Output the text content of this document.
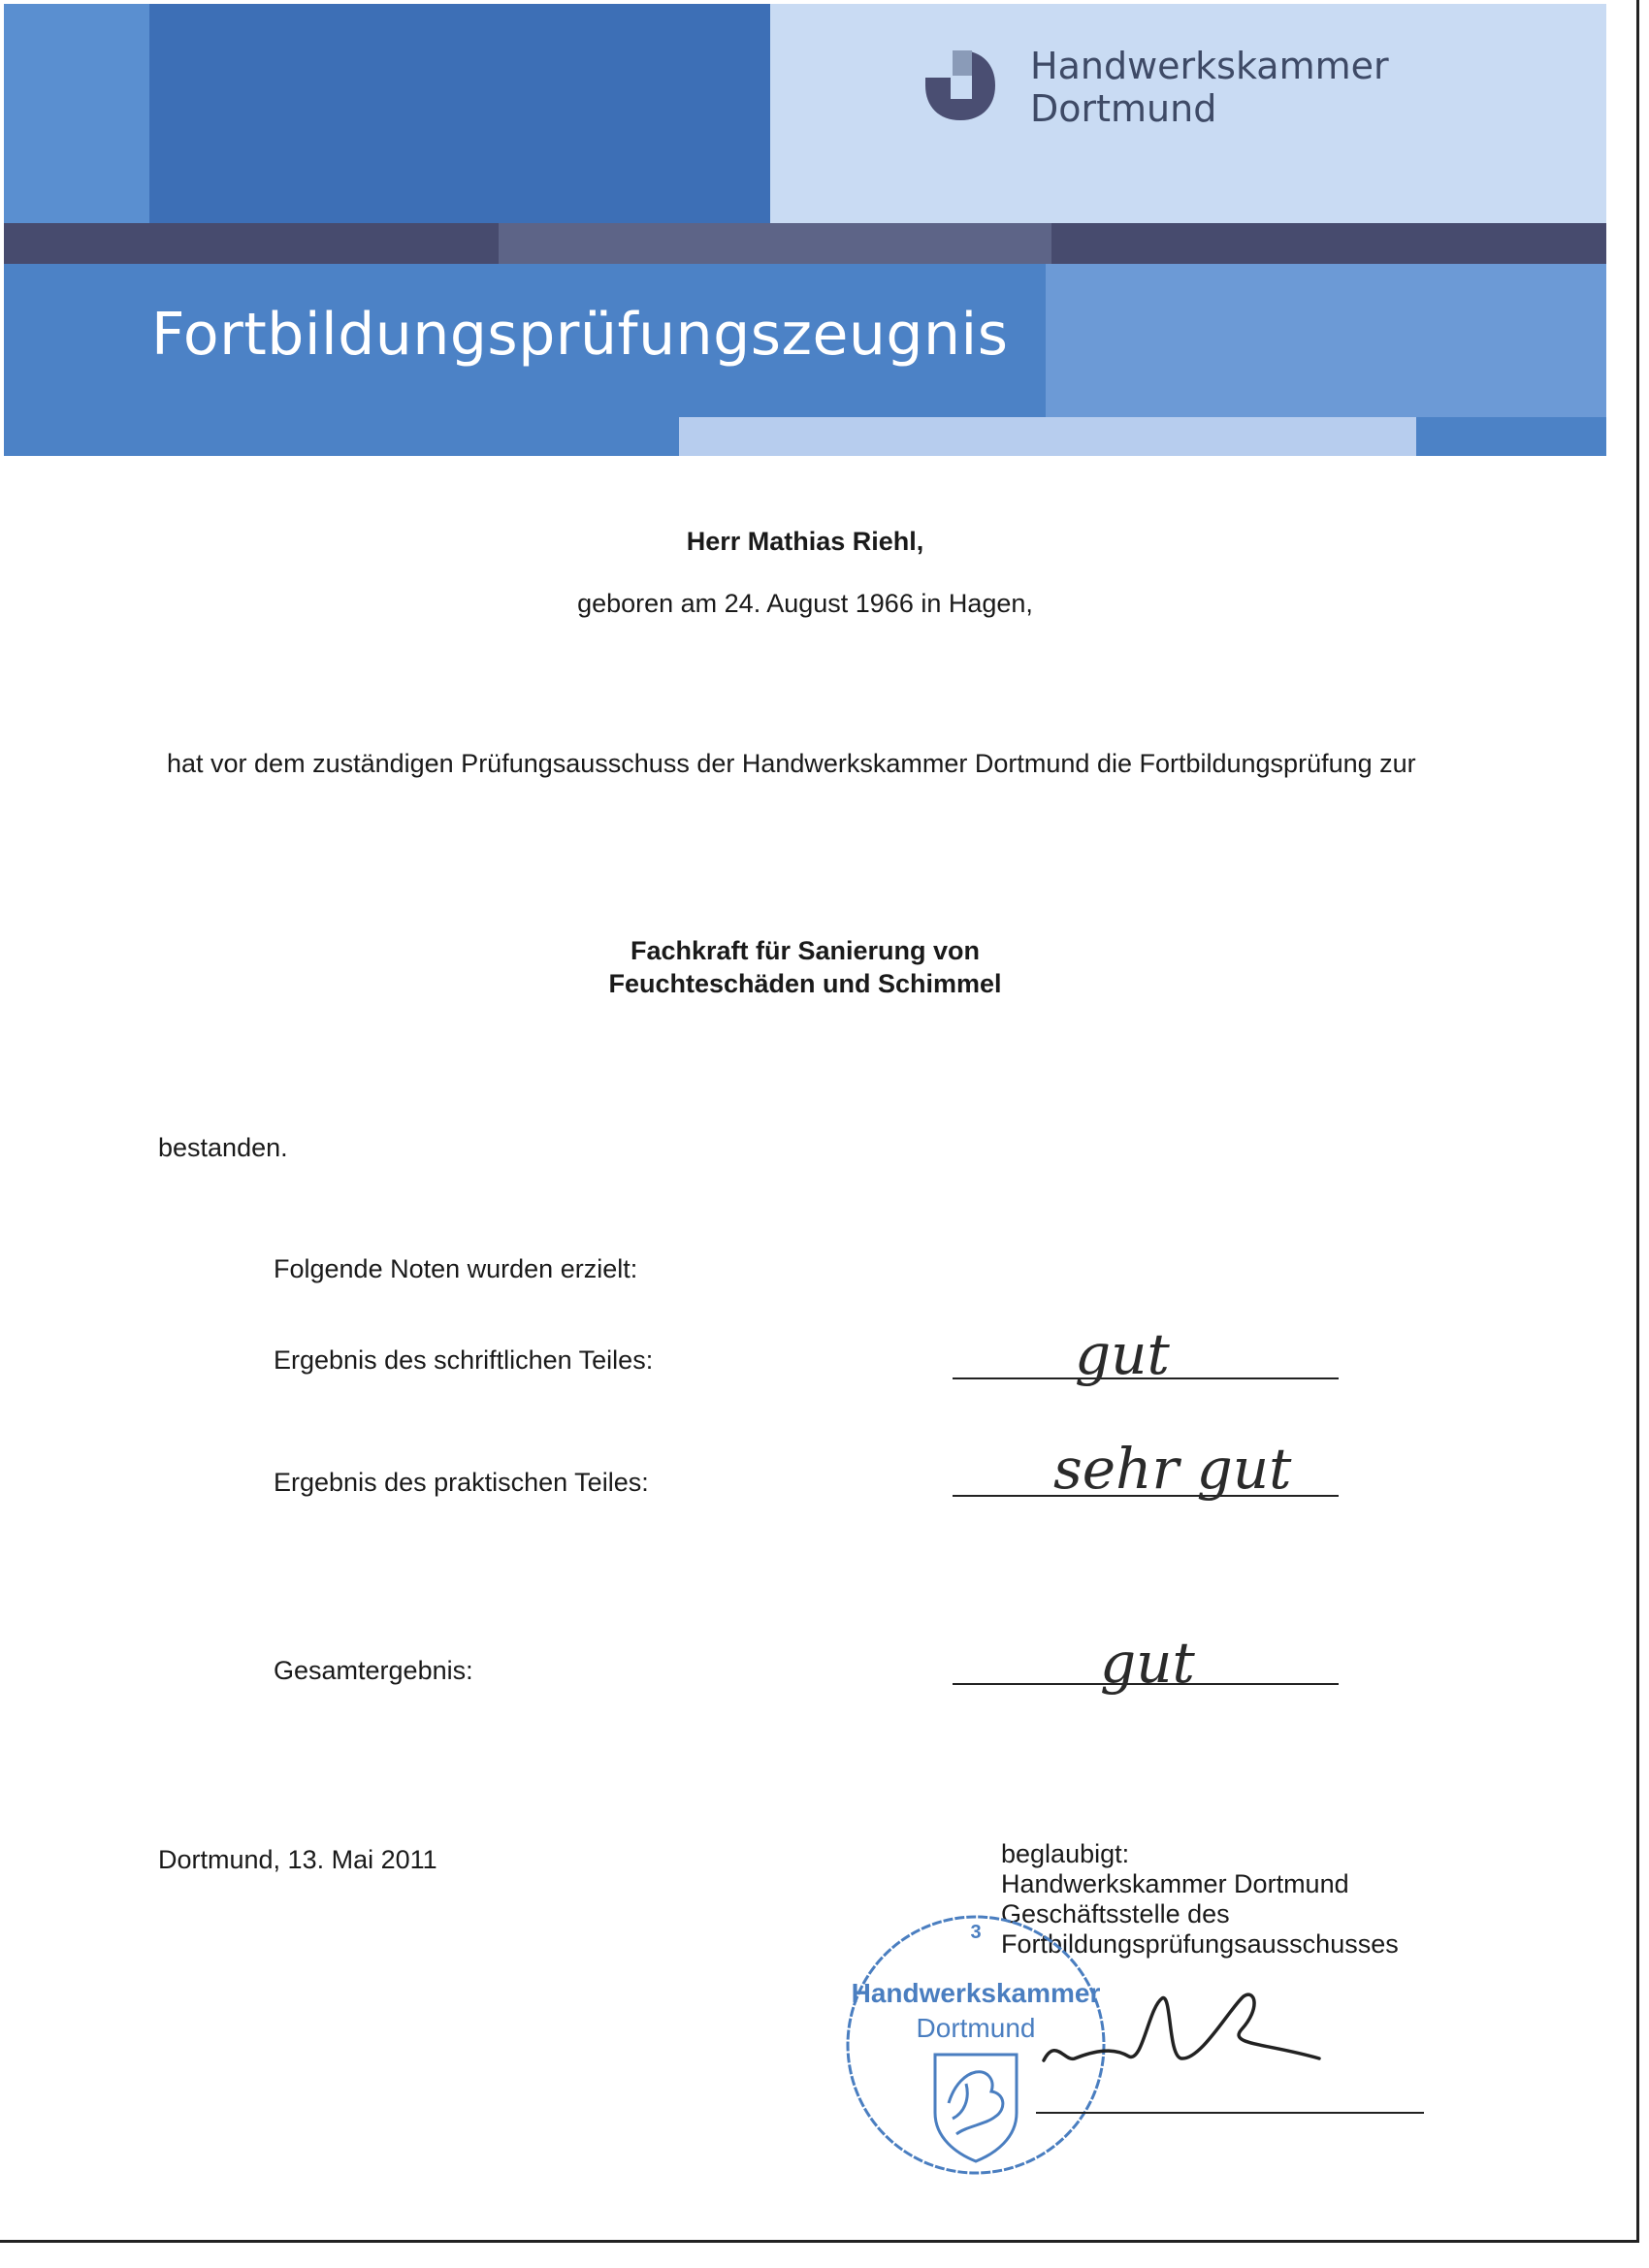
Handwerkskammer
Dortmund
Fortbildungsprüfungszeugnis
Herr Mathias Riehl,
geboren am 24. August 1966 in Hagen,
hat vor dem zuständigen Prüfungsausschuss der Handwerkskammer Dortmund die Fortbildungsprüfung zur
Fachkraft für Sanierung von
Feuchteschäden und Schimmel
bestanden.
Folgende Noten wurden erzielt:
Ergebnis des schriftlichen Teiles:	gut
Ergebnis des praktischen Teiles:	sehr gut
Gesamtergebnis:	gut
Dortmund, 13. Mai 2011	beglaubigt:
Handwerkskammer Dortmund
Geschäftsstelle des
Fortbildungsprüfungsausschusses
3
Handwerkskammer
Dortmund
